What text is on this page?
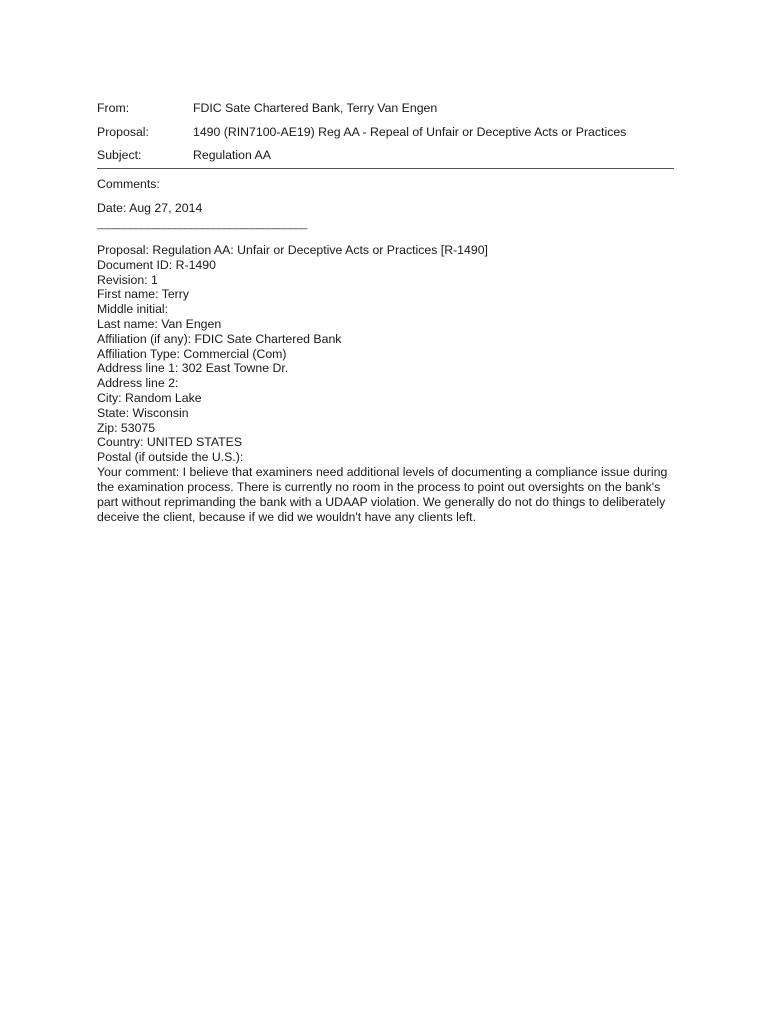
From:	FDIC Sate Chartered Bank, Terry Van Engen
Proposal:	1490 (RIN7100-AE19) Reg AA - Repeal of Unfair or Deceptive Acts or Practices
Subject:	Regulation AA
Comments:
Date: Aug 27, 2014
______________________________________
Proposal: Regulation AA: Unfair or Deceptive Acts or Practices [R-1490]
Document ID: R-1490
Revision: 1
First name: Terry
Middle initial:
Last name: Van Engen
Affiliation (if any): FDIC Sate Chartered Bank
Affiliation Type: Commercial (Com)
Address line 1: 302 East Towne Dr.
Address line 2:
City: Random Lake
State: Wisconsin
Zip: 53075
Country: UNITED STATES
Postal (if outside the U.S.):
Your comment: I believe that examiners need additional levels of documenting a compliance issue during the examination process. There is currently no room in the process to point out oversights on the bank's part without reprimanding the bank with a UDAAP violation. We generally do not do things to deliberately deceive the client, because if we did we wouldn't have any clients left.
